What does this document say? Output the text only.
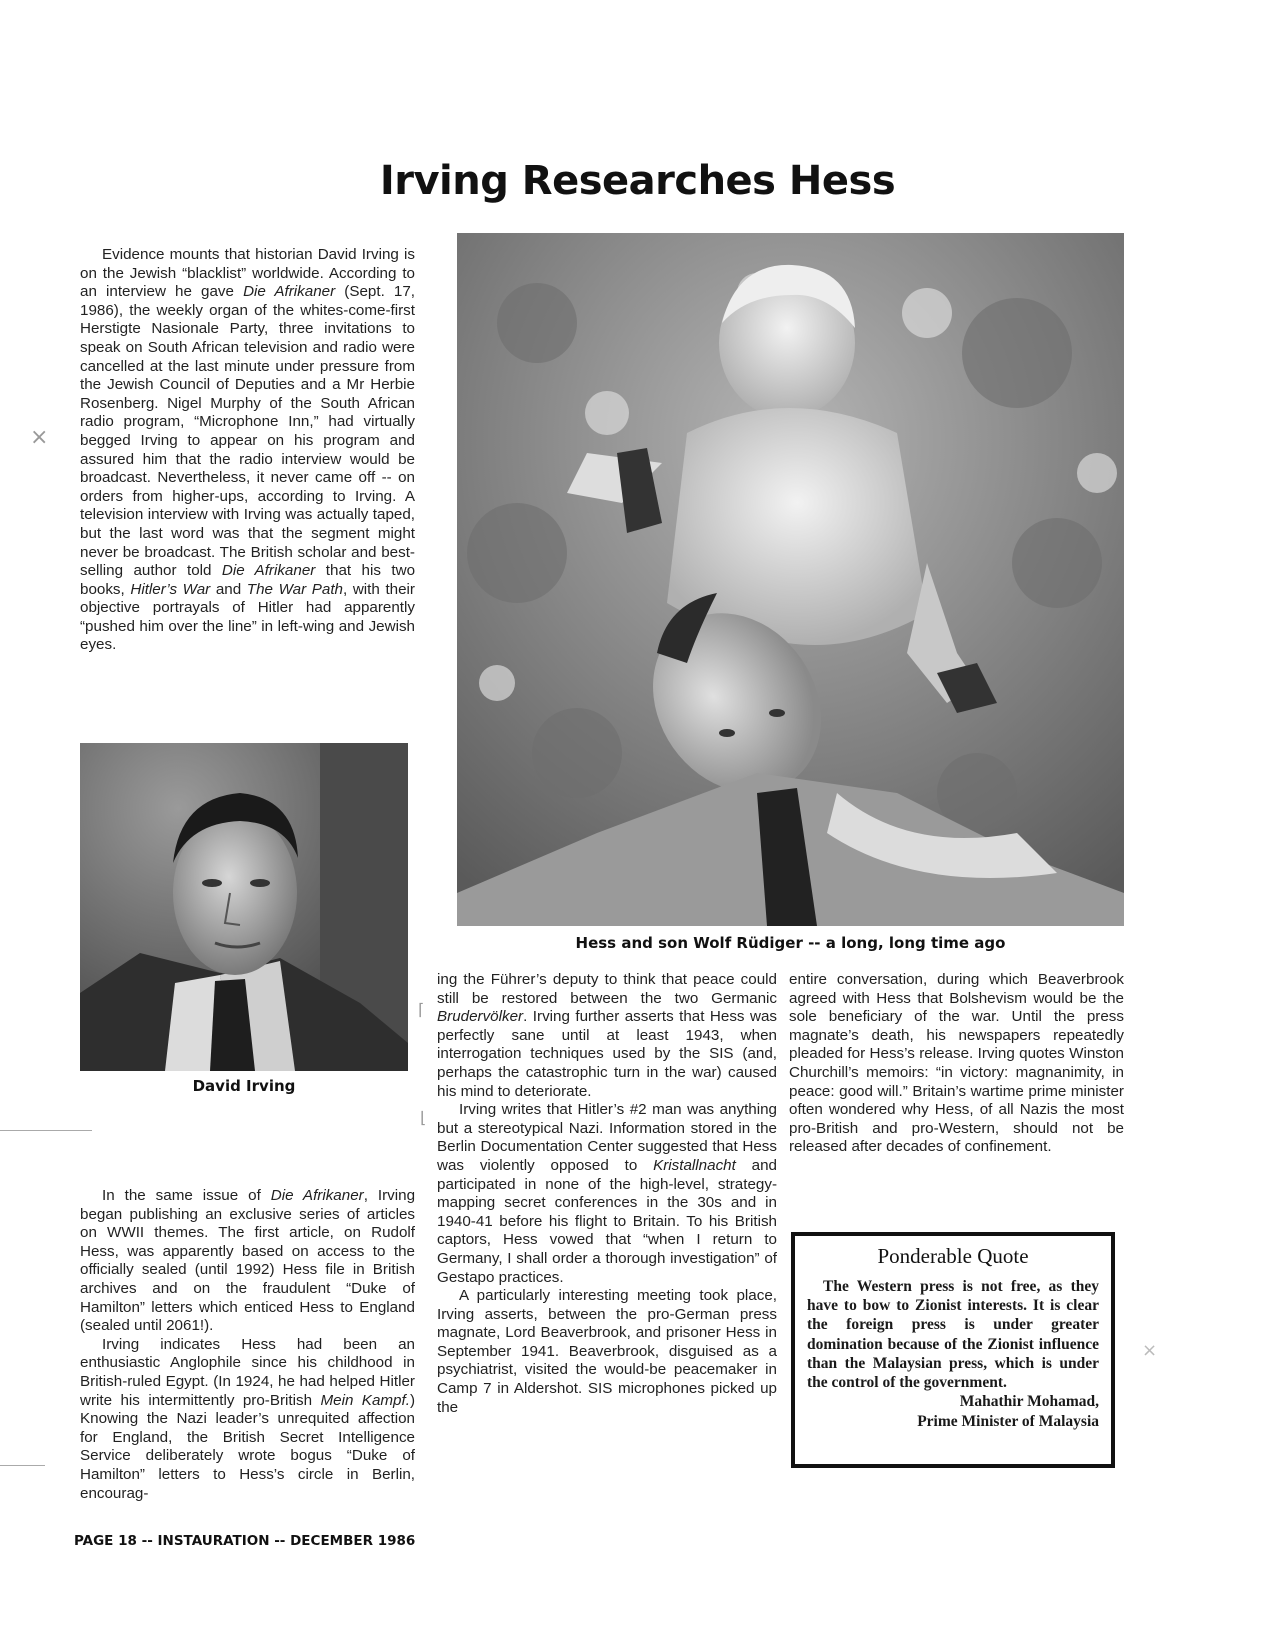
Irving Researches Hess

Evidence mounts that historian David Irving is on the Jewish “blacklist” worldwide. According to an interview he gave Die Afrikaner (Sept. 17, 1986), the weekly organ of the whites-come-first Herstigte Nasionale Party, three invitations to speak on South African television and radio were cancelled at the last minute under pressure from the Jewish Council of Deputies and a Mr Herbie Rosenberg. Nigel Murphy of the South African radio program, “Microphone Inn,” had virtually begged Irving to appear on his program and assured him that the radio interview would be broadcast. Nevertheless, it never came off -- on orders from higher-ups, according to Irving. A television interview with Irving was actually taped, but the last word was that the segment might never be broadcast. The British scholar and best-selling author told Die Afrikaner that his two books, Hitler’s War and The War Path, with their objective portrayals of Hitler had apparently “pushed him over the line” in left-wing and Jewish eyes.

David Irving

In the same issue of Die Afrikaner, Irving began publishing an exclusive series of articles on WWII themes. The first article, on Rudolf Hess, was apparently based on access to the officially sealed (until 1992) Hess file in British archives and on the fraudulent “Duke of Hamilton” letters which enticed Hess to England (sealed until 2061!).

Irving indicates Hess had been an enthusiastic Anglophile since his childhood in British-ruled Egypt. (In 1924, he had helped Hitler write his intermittently pro-British Mein Kampf.) Knowing the Nazi leader’s unrequited affection for England, the British Secret Intelligence Service deliberately wrote bogus “Duke of Hamilton” letters to Hess’s circle in Berlin, encourag-

Hess and son Wolf Rüdiger -- a long, long time ago

ing the Führer’s deputy to think that peace could still be restored between the two Germanic Brudervölker. Irving further asserts that Hess was perfectly sane until at least 1943, when interrogation techniques used by the SIS (and, perhaps the catastrophic turn in the war) caused his mind to deteriorate.

Irving writes that Hitler’s #2 man was anything but a stereotypical Nazi. Information stored in the Berlin Documentation Center suggested that Hess was violently opposed to Kristallnacht and participated in none of the high-level, strategy-mapping secret conferences in the 30s and in 1940-41 before his flight to Britain. To his British captors, Hess vowed that “when I return to Germany, I shall order a thorough investigation” of Gestapo practices.

A particularly interesting meeting took place, Irving asserts, between the pro-German press magnate, Lord Beaverbrook, and prisoner Hess in September 1941. Beaverbrook, disguised as a psychiatrist, visited the would-be peacemaker in Camp 7 in Aldershot. SIS microphones picked up the

entire conversation, during which Beaverbrook agreed with Hess that Bolshevism would be the sole beneficiary of the war. Until the press magnate’s death, his newspapers repeatedly pleaded for Hess’s release. Irving quotes Winston Churchill’s memoirs: “in victory: magnanimity, in peace: good will.” Britain’s wartime prime minister often wondered why Hess, of all Nazis the most pro-British and pro-Western, should not be released after decades of confinement.

Ponderable Quote
The Western press is not free, as they have to bow to Zionist interests. It is clear the foreign press is under greater domination because of the Zionist influence than the Malaysian press, which is under the control of the government.
Mahathir Mohamad,
Prime Minister of Malaysia
PAGE 18 -- INSTAURATION -- DECEMBER 1986
×
×
⌈
⌊
